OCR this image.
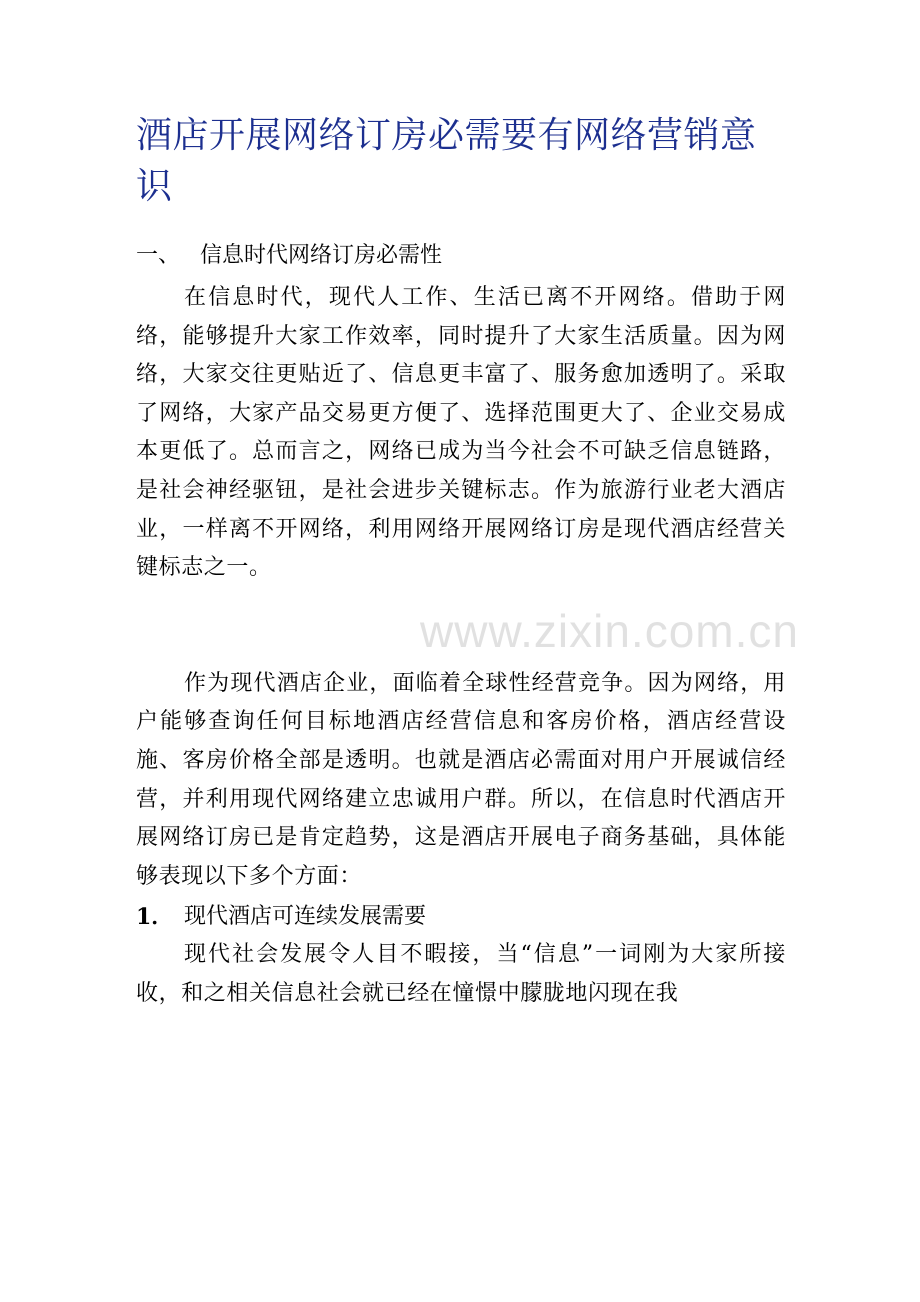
酒店开展网络订房必需要有网络营销意识
一、 信息时代网络订房必需性

在信息时代，现代人工作、生活已离不开网络。借助于网络，能够提升大家工作效率，同时提升了大家生活质量。因为网络，大家交往更贴近了、信息更丰富了、服务愈加透明了。采取了网络，大家产品交易更方便了、选择范围更大了、企业交易成本更低了。总而言之，网络已成为当今社会不可缺乏信息链路，是社会神经驱钮，是社会进步关键标志。作为旅游行业老大酒店业，一样离不开网络，利用网络开展网络订房是现代酒店经营关键标志之一。

作为现代酒店企业，面临着全球性经营竞争。因为网络，用户能够查询任何目标地酒店经营信息和客房价格，酒店经营设施、客房价格全部是透明。也就是酒店必需面对用户开展诚信经营，并利用现代网络建立忠诚用户群。所以，在信息时代酒店开展网络订房已是肯定趋势，这是酒店开展电子商务基础，具体能够表现以下多个方面：

1． 现代酒店可连续发展需要

现代社会发展令人目不暇接，当“信息”一词刚为大家所接收，和之相关信息社会就已经在憧憬中朦胧地闪现在我

www.zixin.com.cn
